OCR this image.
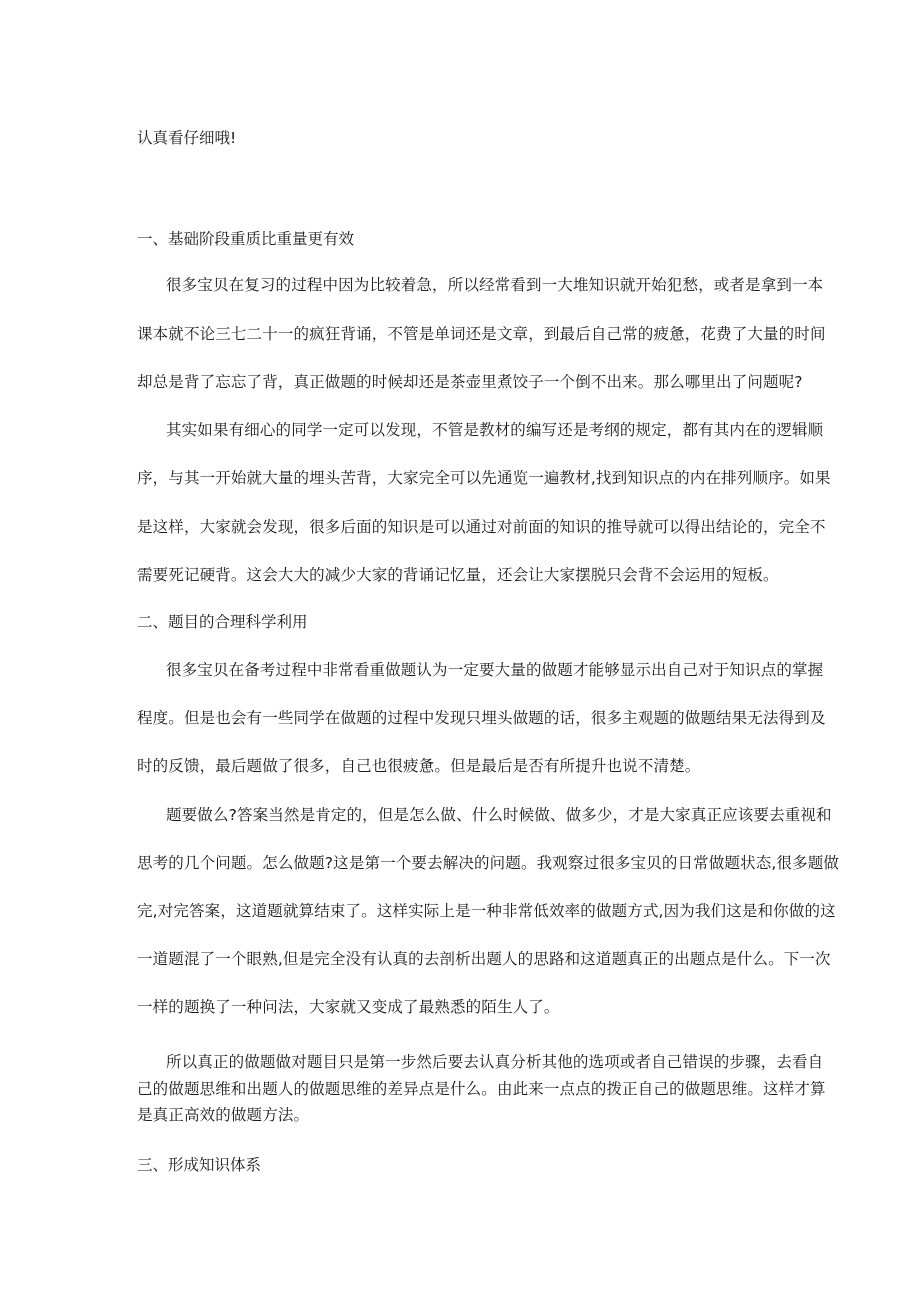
认真看仔细哦!
一、基础阶段重质比重量更有效
很多宝贝在复习的过程中因为比较着急，所以经常看到一大堆知识就开始犯愁，或者是拿到一本
课本就不论三七二十一的疯狂背诵，不管是单词还是文章，到最后自己常的疲惫，花费了大量的时间
却总是背了忘忘了背，真正做题的时候却还是茶壶里煮饺子一个倒不出来。那么哪里出了问题呢?
其实如果有细心的同学一定可以发现，不管是教材的编写还是考纲的规定，都有其内在的逻辑顺
序，与其一开始就大量的埋头苦背，大家完全可以先通览一遍教材,找到知识点的内在排列顺序。如果
是这样，大家就会发现，很多后面的知识是可以通过对前面的知识的推导就可以得出结论的，完全不
需要死记硬背。这会大大的减少大家的背诵记忆量，还会让大家摆脱只会背不会运用的短板。
二、题目的合理科学利用
很多宝贝在备考过程中非常看重做题认为一定要大量的做题才能够显示出自己对于知识点的掌握
程度。但是也会有一些同学在做题的过程中发现只埋头做题的话，很多主观题的做题结果无法得到及
时的反馈，最后题做了很多，自己也很疲惫。但是最后是否有所提升也说不清楚。
题要做么?答案当然是肯定的，但是怎么做、什么时候做、做多少，才是大家真正应该要去重视和
思考的几个问题。怎么做题?这是第一个要去解决的问题。我观察过很多宝贝的日常做题状态,很多题做
完,对完答案，这道题就算结束了。这样实际上是一种非常低效率的做题方式,因为我们这是和你做的这
一道题混了一个眼熟,但是完全没有认真的去剖析出题人的思路和这道题真正的出题点是什么。下一次
一样的题换了一种问法，大家就又变成了最熟悉的陌生人了。
所以真正的做题做对题目只是第一步然后要去认真分析其他的选项或者自己错误的步骤，去看自
己的做题思维和出题人的做题思维的差异点是什么。由此来一点点的拨正自己的做题思维。这样才算
是真正高效的做题方法。
三、形成知识体系
